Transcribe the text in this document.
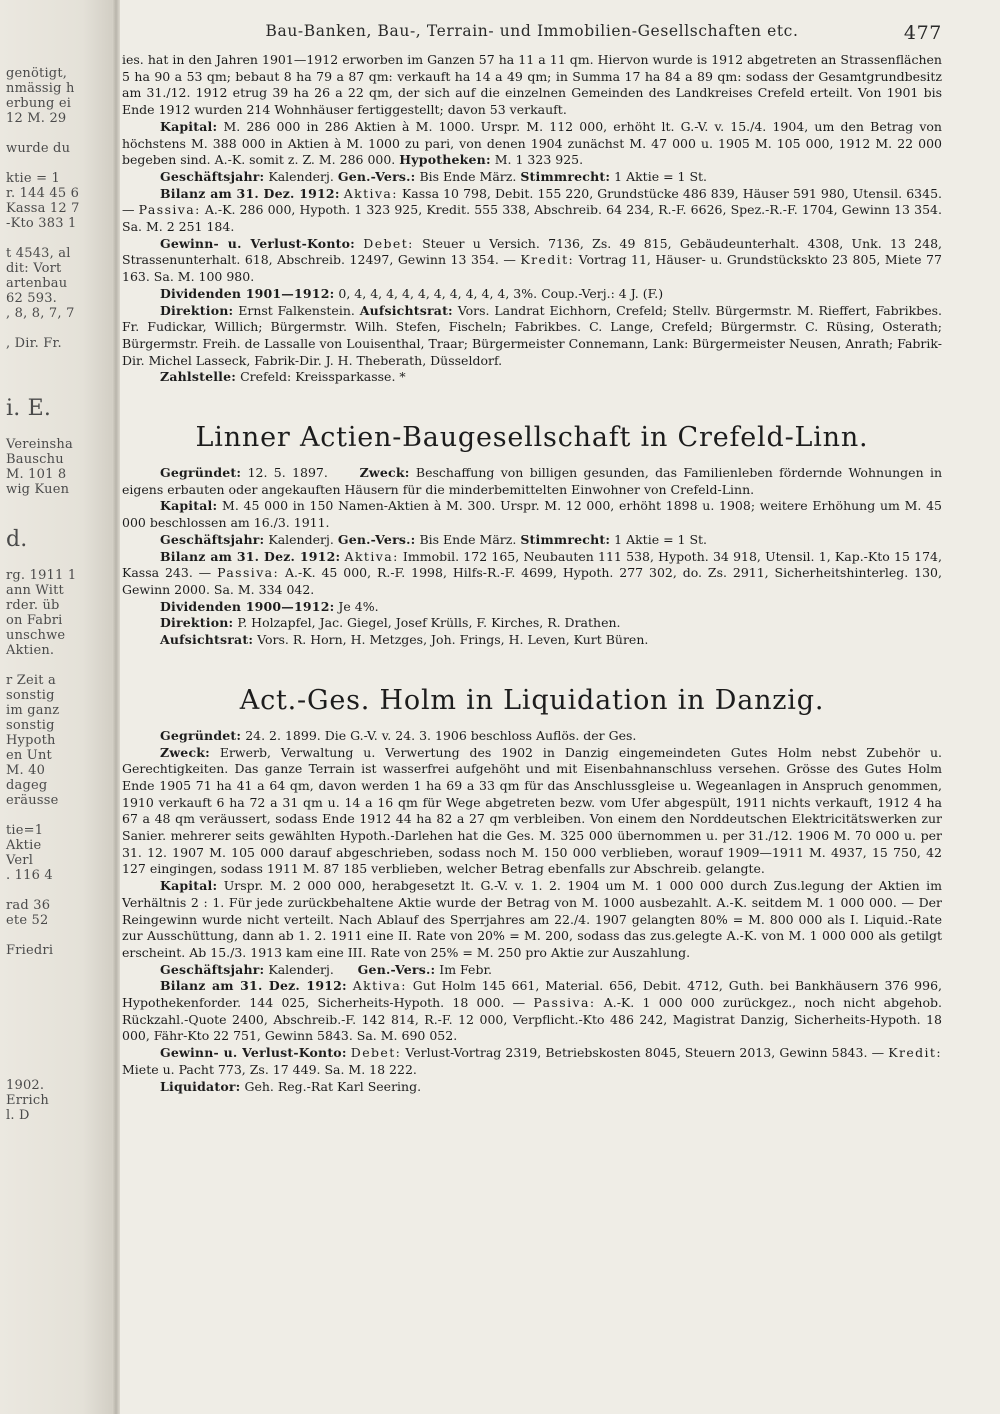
genötigt,
nmässig h
erbung ei
12 M. 29

wurde du

ktie = 1
r. 144 45 6
Kassa 12 7
-Kto 383 1

t 4543, al
dit: Vort
artenbau
62 593.
, 8, 8, 7, 7

, Dir. Fr.

i. E.

Vereinsha
Bauschu
M. 101 8
wig Kuen

d.

rg. 1911 1
ann Witt
rder. üb
on Fabri
unschwe
Aktien.

r Zeit a
sonstig
im ganz
sonstig
Hypoth
en Unt
M. 40
dageg
eräusse

tie=1
Aktie
Verl
. 116 4

rad 36
ete 52

Friedri

1902.
Errich
l. D
Bau-Banken, Bau-, Terrain- und Immobilien-Gesellschaften etc.	477

ies. hat in den Jahren 1901—1912 erworben im Ganzen 57 ha 11 a 11 qm. Hiervon wurde is 1912 abgetreten an Strassenflächen 5 ha 90 a 53 qm; bebaut 8 ha 79 a 87 qm: verkauft ha 14 a 49 qm; in Summa 17 ha 84 a 89 qm: sodass der Gesamtgrundbesitz am 31./12. 1912 etrug 39 ha 26 a 22 qm, der sich auf die einzelnen Gemeinden des Landkreises Crefeld erteilt. Von 1901 bis Ende 1912 wurden 214 Wohnhäuser fertiggestellt; davon 53 verkauft.

Kapital: M. 286 000 in 286 Aktien à M. 1000. Urspr. M. 112 000, erhöht lt. G.-V. v. 15./4. 1904, um den Betrag von höchstens M. 388 000 in Aktien à M. 1000 zu pari, von denen 1904 zunächst M. 47 000 u. 1905 M. 105 000, 1912 M. 22 000 begeben sind. A.-K. somit z. Z. M. 286 000. Hypotheken: M. 1 323 925.

Geschäftsjahr: Kalenderj. Gen.-Vers.: Bis Ende März. Stimmrecht: 1 Aktie = 1 St.

Bilanz am 31. Dez. 1912: Aktiva: Kassa 10 798, Debit. 155 220, Grundstücke 486 839, Häuser 591 980, Utensil. 6345. — Passiva: A.-K. 286 000, Hypoth. 1 323 925, Kredit. 555 338, Abschreib. 64 234, R.-F. 6626, Spez.-R.-F. 1704, Gewinn 13 354. Sa. M. 2 251 184.

Gewinn- u. Verlust-Konto: Debet: Steuer u Versich. 7136, Zs. 49 815, Gebäudeunterhalt. 4308, Unk. 13 248, Strassenunterhalt. 618, Abschreib. 12497, Gewinn 13 354. — Kredit: Vortrag 11, Häuser- u. Grundstückskto 23 805, Miete 77 163. Sa. M. 100 980.

Dividenden 1901—1912: 0, 4, 4, 4, 4, 4, 4, 4, 4, 4, 4, 3%. Coup.-Verj.: 4 J. (F.)

Direktion: Ernst Falkenstein. Aufsichtsrat: Vors. Landrat Eichhorn, Crefeld; Stellv. Bürgermstr. M. Rieffert, Fabrikbes. Fr. Fudickar, Willich; Bürgermstr. Wilh. Stefen, Fischeln; Fabrikbes. C. Lange, Crefeld; Bürgermstr. C. Rüsing, Osterath; Bürgermstr. Freih. de Lassalle von Louisenthal, Traar; Bürgermeister Connemann, Lank: Bürgermeister Neusen, Anrath; Fabrik-Dir. Michel Lasseck, Fabrik-Dir. J. H. Theberath, Düsseldorf.

Zahlstelle: Crefeld: Kreissparkasse. *

Linner Actien-Baugesellschaft in Crefeld-Linn.

Gegründet: 12. 5. 1897.	Zweck: Beschaffung von billigen gesunden, das Familienleben fördernde Wohnungen in eigens erbauten oder angekauften Häusern für die minderbemittelten Einwohner von Crefeld-Linn.

Kapital: M. 45 000 in 150 Namen-Aktien à M. 300. Urspr. M. 12 000, erhöht 1898 u. 1908; weitere Erhöhung um M. 45 000 beschlossen am 16./3. 1911.

Geschäftsjahr: Kalenderj. Gen.-Vers.: Bis Ende März. Stimmrecht: 1 Aktie = 1 St.

Bilanz am 31. Dez. 1912: Aktiva: Immobil. 172 165, Neubauten 111 538, Hypoth. 34 918, Utensil. 1, Kap.-Kto 15 174, Kassa 243. — Passiva: A.-K. 45 000, R.-F. 1998, Hilfs-R.-F. 4699, Hypoth. 277 302, do. Zs. 2911, Sicherheitshinterleg. 130, Gewinn 2000. Sa. M. 334 042.

Dividenden 1900—1912: Je 4%.

Direktion: P. Holzapfel, Jac. Giegel, Josef Krülls, F. Kirches, R. Drathen.

Aufsichtsrat: Vors. R. Horn, H. Metzges, Joh. Frings, H. Leven, Kurt Büren.

Act.-Ges. Holm in Liquidation in Danzig.

Gegründet: 24. 2. 1899. Die G.-V. v. 24. 3. 1906 beschloss Auflös. der Ges.

Zweck: Erwerb, Verwaltung u. Verwertung des 1902 in Danzig eingemeindeten Gutes Holm nebst Zubehör u. Gerechtigkeiten. Das ganze Terrain ist wasserfrei aufgehöht und mit Eisenbahnanschluss versehen. Grösse des Gutes Holm Ende 1905 71 ha 41 a 64 qm, davon werden 1 ha 69 a 33 qm für das Anschlussgleise u. Wegeanlagen in Anspruch genommen, 1910 verkauft 6 ha 72 a 31 qm u. 14 a 16 qm für Wege abgetreten bezw. vom Ufer abgespült, 1911 nichts verkauft, 1912 4 ha 67 a 48 qm veräussert, sodass Ende 1912 44 ha 82 a 27 qm verbleiben. Von einem den Norddeutschen Elektricitätswerken zur Sanier. mehrerer seits gewählten Hypoth.-Darlehen hat die Ges. M. 325 000 übernommen u. per 31./12. 1906 M. 70 000 u. per 31. 12. 1907 M. 105 000 darauf abgeschrieben, sodass noch M. 150 000 verblieben, worauf 1909—1911 M. 4937, 15 750, 42 127 eingingen, sodass 1911 M. 87 185 verblieben, welcher Betrag ebenfalls zur Abschreib. gelangte.

Kapital: Urspr. M. 2 000 000, herabgesetzt lt. G.-V. v. 1. 2. 1904 um M. 1 000 000 durch Zus.legung der Aktien im Verhältnis 2 : 1. Für jede zurückbehaltene Aktie wurde der Betrag von M. 1000 ausbezahlt. A.-K. seitdem M. 1 000 000. — Der Reingewinn wurde nicht verteilt. Nach Ablauf des Sperrjahres am 22./4. 1907 gelangten 80% = M. 800 000 als I. Liquid.-Rate zur Ausschüttung, dann ab 1. 2. 1911 eine II. Rate von 20% = M. 200, sodass das zus.gelegte A.-K. von M. 1 000 000 als getilgt erscheint. Ab 15./3. 1913 kam eine III. Rate von 25% = M. 250 pro Aktie zur Auszahlung.

Geschäftsjahr: Kalenderj. Gen.-Vers.: Im Febr.

Bilanz am 31. Dez. 1912: Aktiva: Gut Holm 145 661, Material. 656, Debit. 4712, Guth. bei Bankhäusern 376 996, Hypothekenforder. 144 025, Sicherheits-Hypoth. 18 000. — Passiva: A.-K. 1 000 000 zurückgez., noch nicht abgehob. Rückzahl.-Quote 2400, Abschreib.-F. 142 814, R.-F. 12 000, Verpflicht.-Kto 486 242, Magistrat Danzig, Sicherheits-Hypoth. 18 000, Fähr-Kto 22 751, Gewinn 5843. Sa. M. 690 052.

Gewinn- u. Verlust-Konto: Debet: Verlust-Vortrag 2319, Betriebskosten 8045, Steuern 2013, Gewinn 5843. — Kredit: Miete u. Pacht 773, Zs. 17 449. Sa. M. 18 222.

Liquidator: Geh. Reg.-Rat Karl Seering.
